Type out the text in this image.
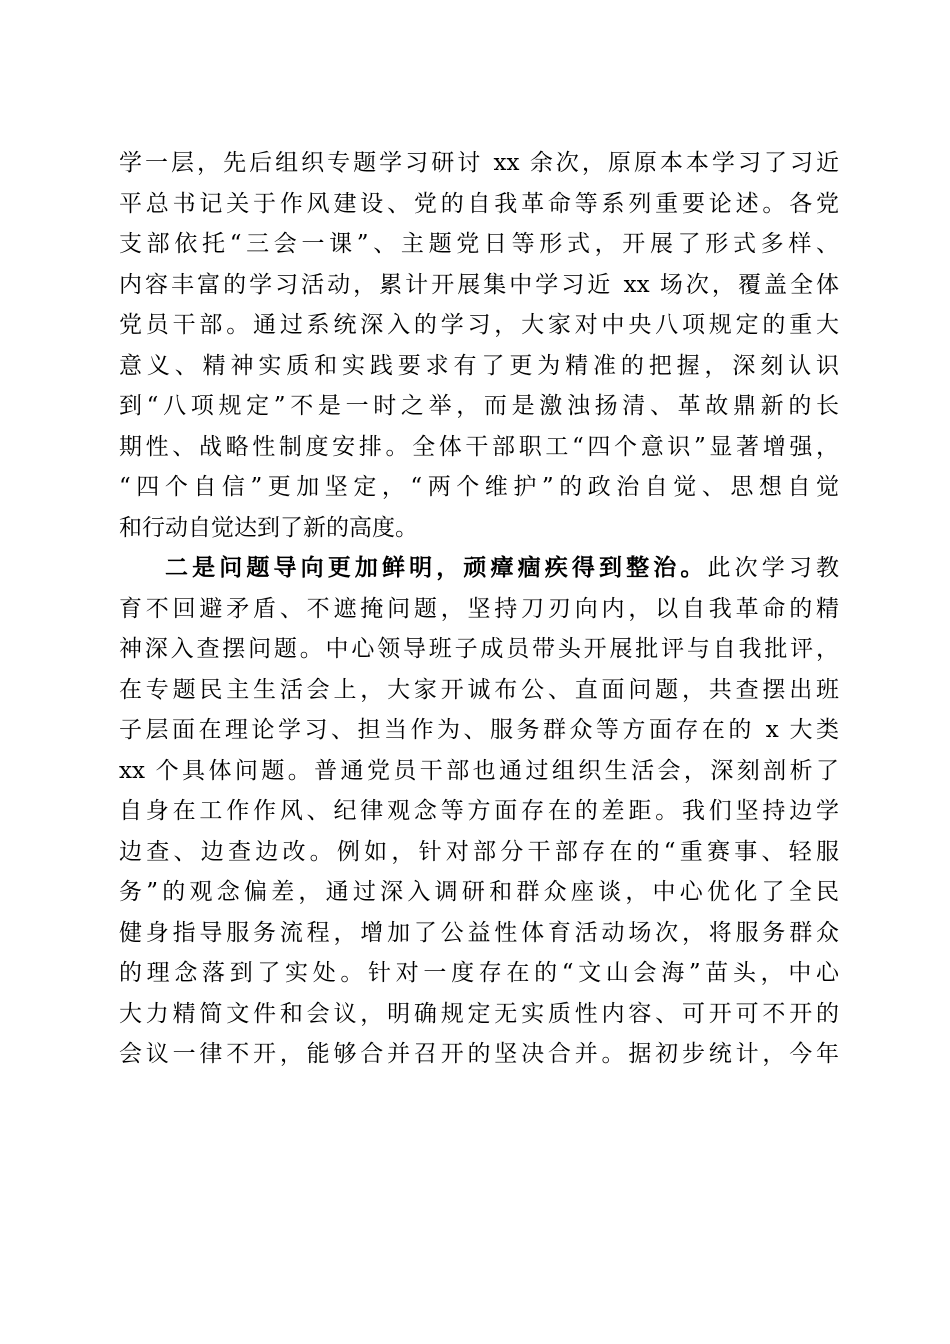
学一层，先后组织专题学习研讨 xx 余次，原原本本学习了习近
平总书记关于作风建设、党的自我革命等系列重要论述。各党
支部依托“三会一课”、主题党日等形式，开展了形式多样、
内容丰富的学习活动，累计开展集中学习近 xx 场次，覆盖全体
党员干部。通过系统深入的学习，大家对中央八项规定的重大
意义、精神实质和实践要求有了更为精准的把握，深刻认识
到“八项规定”不是一时之举，而是激浊扬清、革故鼎新的长
期性、战略性制度安排。全体干部职工“四个意识”显著增强，
“四个自信”更加坚定，“两个维护”的政治自觉、思想自觉
和行动自觉达到了新的高度。
二是问题导向更加鲜明，顽瘴痼疾得到整治。此次学习教
育不回避矛盾、不遮掩问题，坚持刀刃向内，以自我革命的精
神深入查摆问题。中心领导班子成员带头开展批评与自我批评，
在专题民主生活会上，大家开诚布公、直面问题，共查摆出班
子层面在理论学习、担当作为、服务群众等方面存在的 x 大类
xx 个具体问题。普通党员干部也通过组织生活会，深刻剖析了
自身在工作作风、纪律观念等方面存在的差距。我们坚持边学
边查、边查边改。例如，针对部分干部存在的“重赛事、轻服
务”的观念偏差，通过深入调研和群众座谈，中心优化了全民
健身指导服务流程，增加了公益性体育活动场次，将服务群众
的理念落到了实处。针对一度存在的“文山会海”苗头，中心
大力精简文件和会议，明确规定无实质性内容、可开可不开的
会议一律不开，能够合并召开的坚决合并。据初步统计，今年
